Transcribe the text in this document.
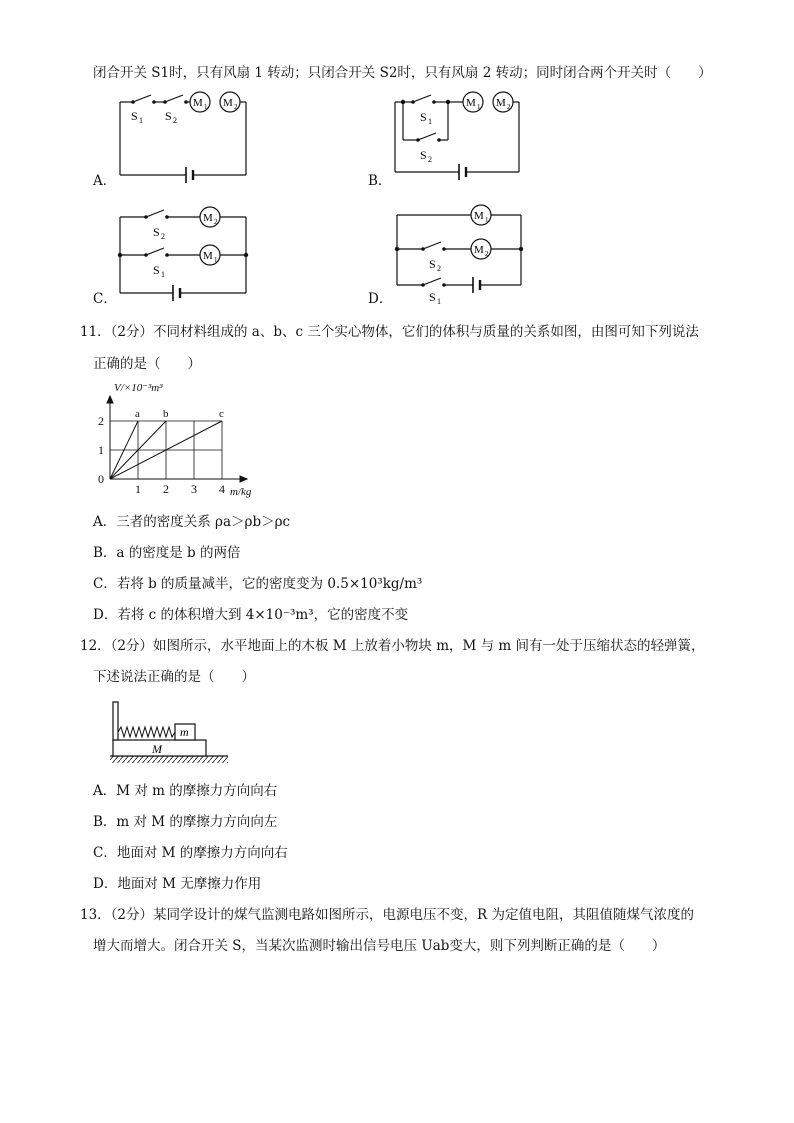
闭合开关 S1时，只有风扇 1 转动；只闭合开关 S2时，只有风扇 2 转动；同时闭合两个开关时（　　）
S 1 S 2
M 1 M 2
A．
S 1
S 2
M 1 M 2
B．
S 2
S 1
M 2
M 1
C．
M 1
M 2
S 2
S 1
D．
11．（2分）不同材料组成的 a、b、c 三个实心物体，它们的体积与质量的关系如图，由图可知下列说法
正确的是（　　）
a b	c
1 2 3 4
1
2
0
V/×10⁻³m³
m/kg
A．三者的密度关系 ρa＞ρb＞ρc
B．a 的密度是 b 的两倍
C．若将 b 的质量减半，它的密度变为 0.5×10³kg/m³
D．若将 c 的体积增大到 4×10⁻³m³，它的密度不变
12．（2分）如图所示，水平地面上的木板 M 上放着小物块 m，M 与 m 间有一处于压缩状态的轻弹簧，
下述说法正确的是（　　）
m
M
A．M 对 m 的摩擦力方向向右
B．m 对 M 的摩擦力方向向左
C．地面对 M 的摩擦力方向向右
D．地面对 M 无摩擦力作用
13．（2分）某同学设计的煤气监测电路如图所示，电源电压不变，R 为定值电阻，其阻值随煤气浓度的
增大而增大。闭合开关 S，当某次监测时输出信号电压 Uab变大，则下列判断正确的是（　　）
